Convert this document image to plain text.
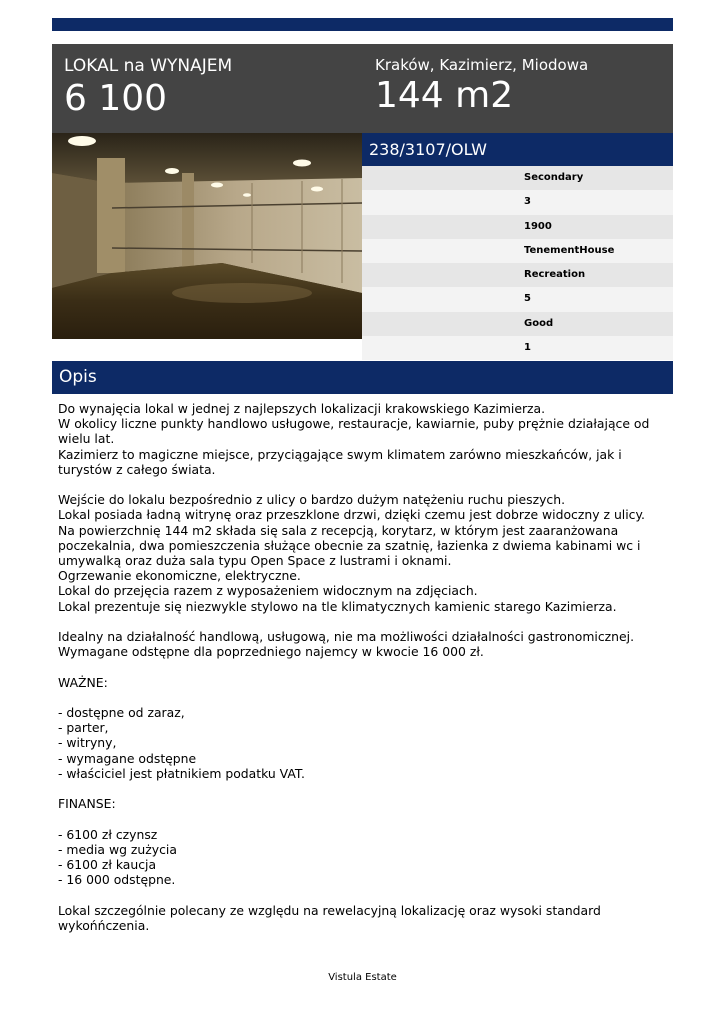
LOKAL na WYNAJEM
6 100
Kraków, Kazimierz, Miodowa
144 m2
238/3107/OLW
Secondary
3
1900
TenementHouse
Recreation
5
Good
1
Opis
Do wynajęcia lokal w jednej z najlepszych lokalizacji krakowskiego Kazimierza.
W okolicy liczne punkty handlowo usługowe, restauracje, kawiarnie, puby prężnie działające od wielu lat.
Kazimierz to magiczne miejsce, przyciągające swym klimatem zarówno mieszkańców, jak i turystów z całego świata.

Wejście do lokalu bezpośrednio z ulicy o bardzo dużym natężeniu ruchu pieszych.
Lokal posiada ładną witrynę oraz przeszklone drzwi, dzięki czemu jest dobrze widoczny z ulicy.
Na powierzchnię 144 m2 składa się sala z recepcją, korytarz, w którym jest zaaranżowana poczekalnia, dwa pomieszczenia służące obecnie za szatnię, łazienka z dwiema kabinami wc i umywalką oraz duża sala typu Open Space z lustrami i oknami.
Ogrzewanie ekonomiczne, elektryczne.
Lokal do przejęcia razem z wyposażeniem widocznym na zdjęciach.
Lokal prezentuje się niezwykle stylowo na tle klimatycznych kamienic starego Kazimierza.

Idealny na działalność handlową, usługową, nie ma możliwości działalności gastronomicznej.
Wymagane odstępne dla poprzedniego najemcy w kwocie 16 000 zł.

WAŻNE:

- dostępne od zaraz,
- parter,
- witryny,
- wymagane odstępne
- właściciel jest płatnikiem podatku VAT.

FINANSE:

- 6100 zł czynsz
- media wg zużycia
- 6100 zł kaucja
- 16 000 odstępne.

Lokal szczególnie polecany ze względu na rewelacyjną lokalizację oraz wysoki standard wykońńczenia.
Vistula Estate
